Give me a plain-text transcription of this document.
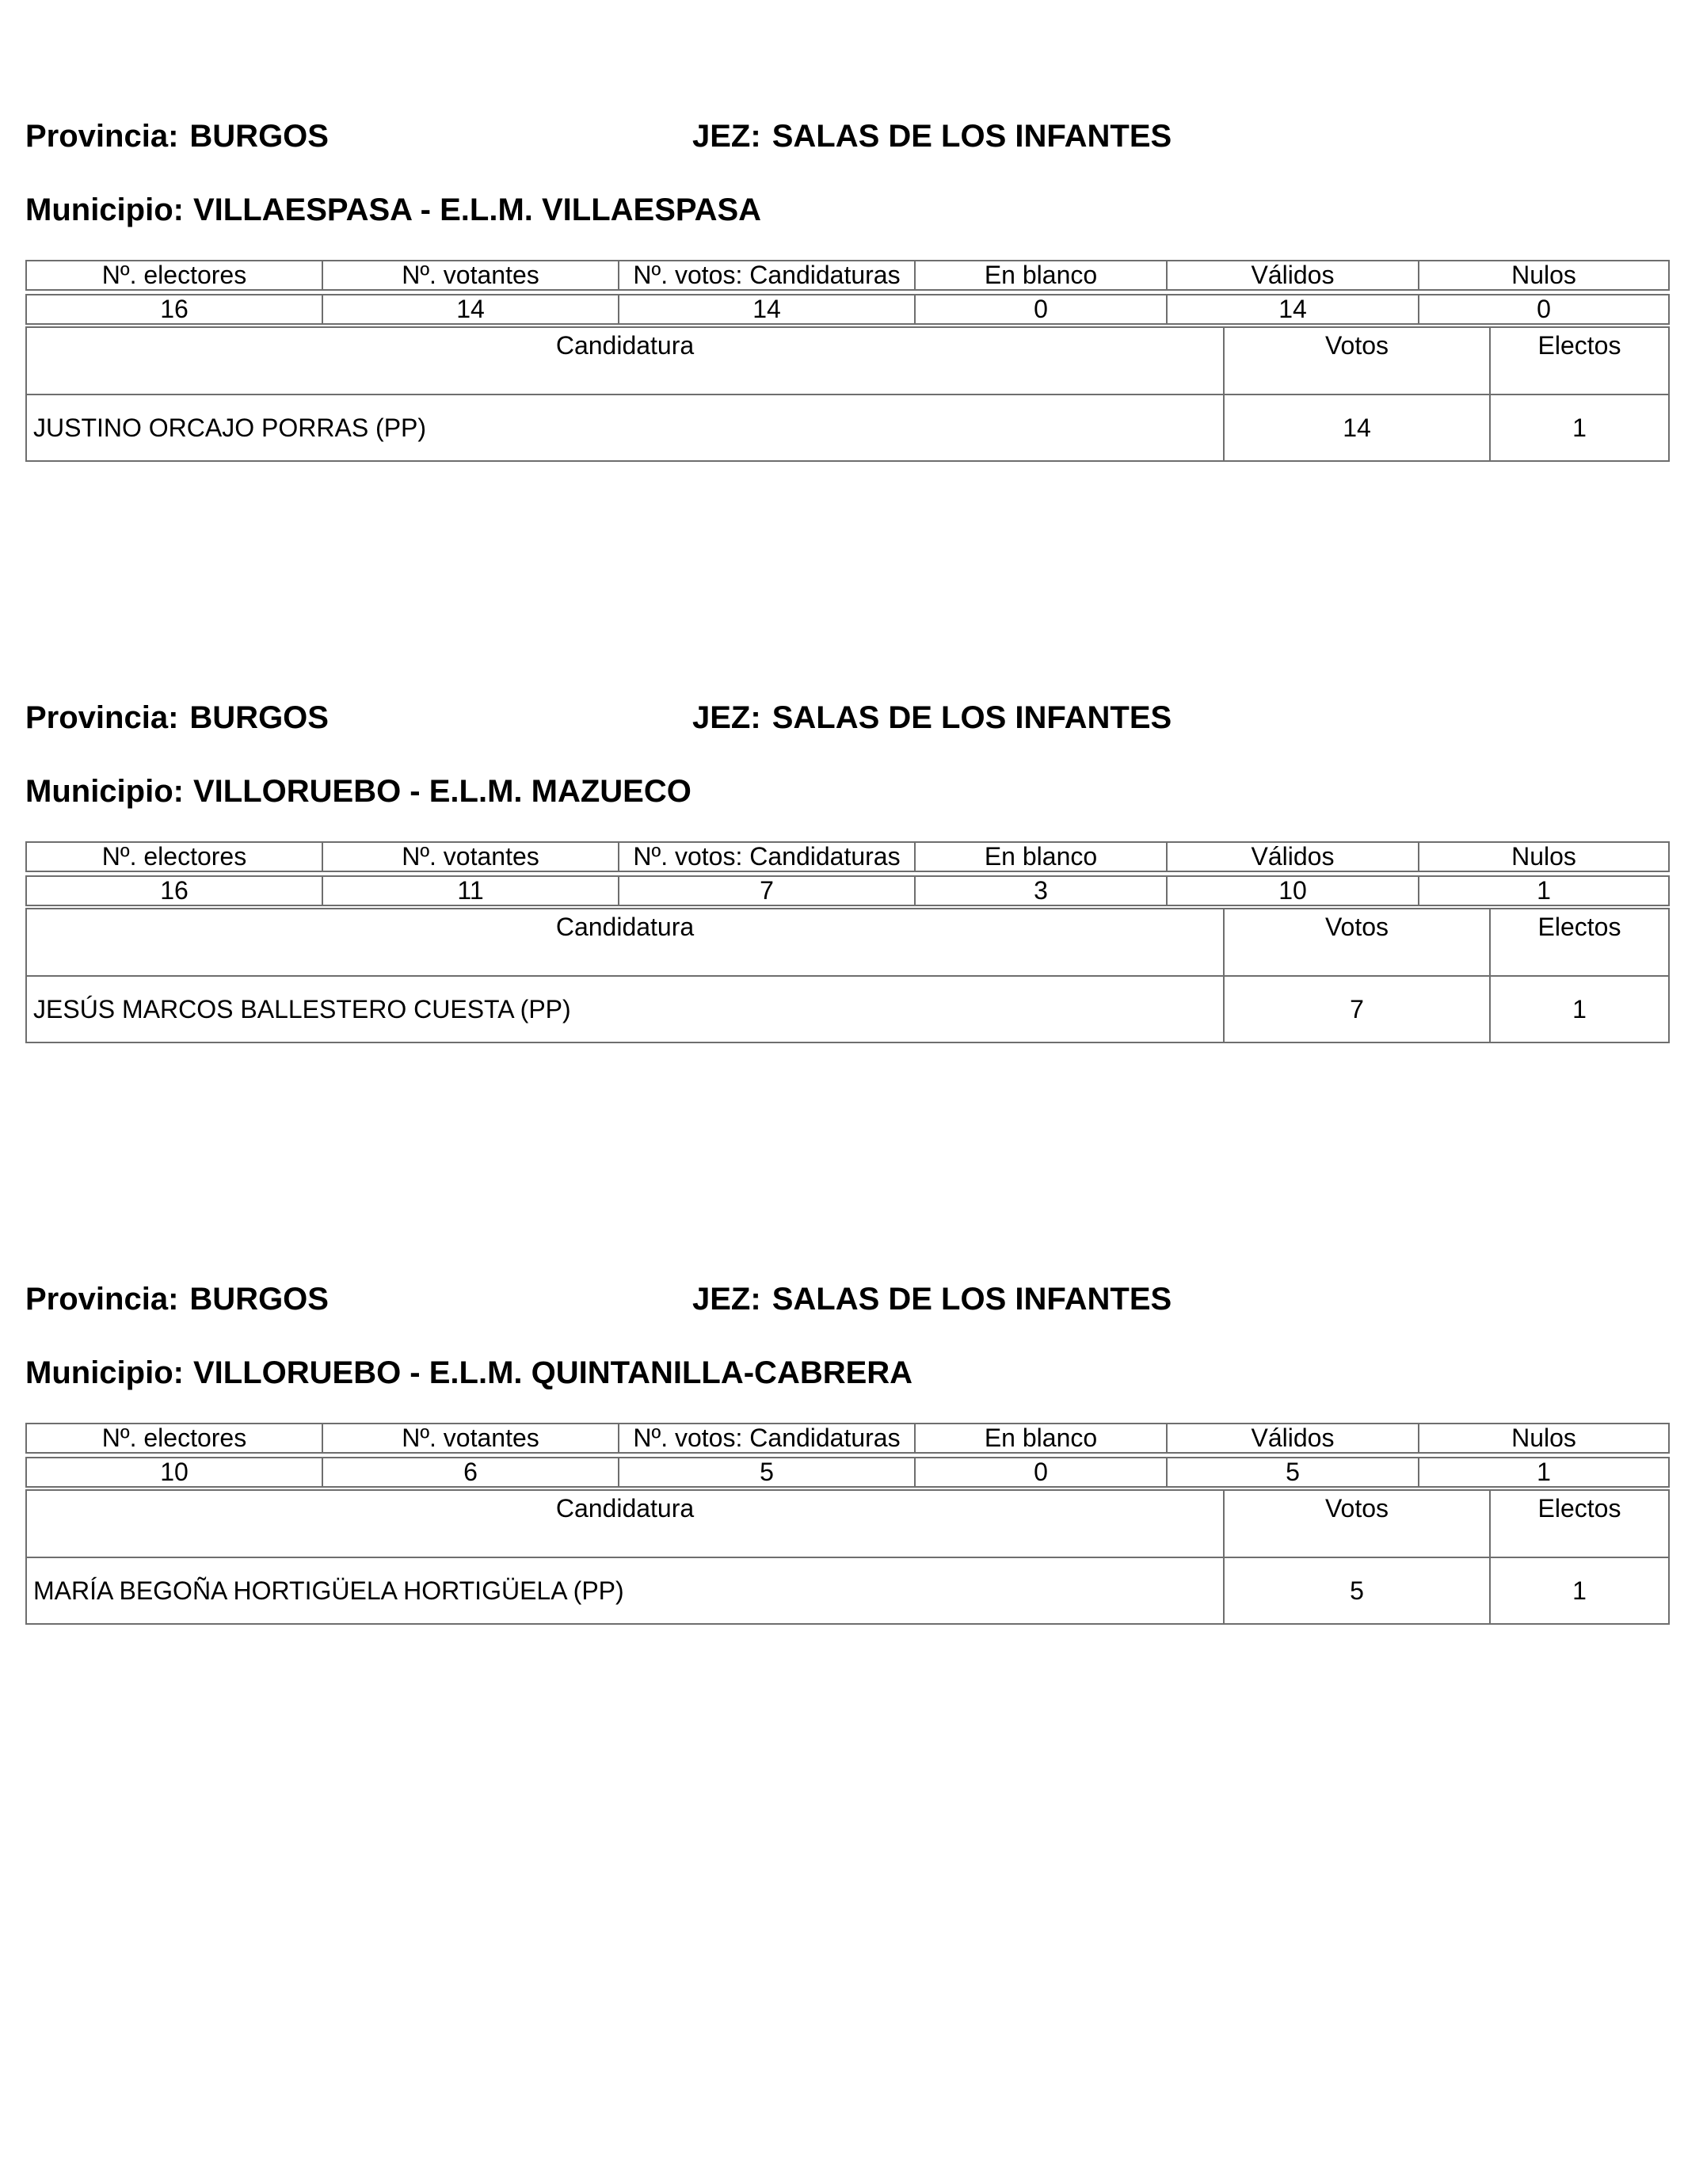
Provincia: BURGOS	JEZ: SALAS DE LOS INFANTES
Municipio: VILLAESPASA - E.L.M. VILLAESPASA
Nº. electores	Nº. votantes	Nº. votos: Candidaturas	En blanco	Válidos	Nulos

16	14	14	0	14	0
Candidatura	Votos	Electos
JUSTINO ORCAJO PORRAS (PP)	14	1
Provincia: BURGOS	JEZ: SALAS DE LOS INFANTES
Municipio: VILLORUEBO - E.L.M. MAZUECO
Nº. electores	Nº. votantes	Nº. votos: Candidaturas	En blanco	Válidos	Nulos

16	11	7	3	10	1
Candidatura	Votos	Electos
JESÚS MARCOS BALLESTERO CUESTA (PP)	7	1
Provincia: BURGOS	JEZ: SALAS DE LOS INFANTES
Municipio: VILLORUEBO - E.L.M. QUINTANILLA-CABRERA
Nº. electores	Nº. votantes	Nº. votos: Candidaturas	En blanco	Válidos	Nulos

10	6	5	0	5	1
Candidatura	Votos	Electos
MARÍA BEGOÑA HORTIGÜELA HORTIGÜELA (PP)	5	1
